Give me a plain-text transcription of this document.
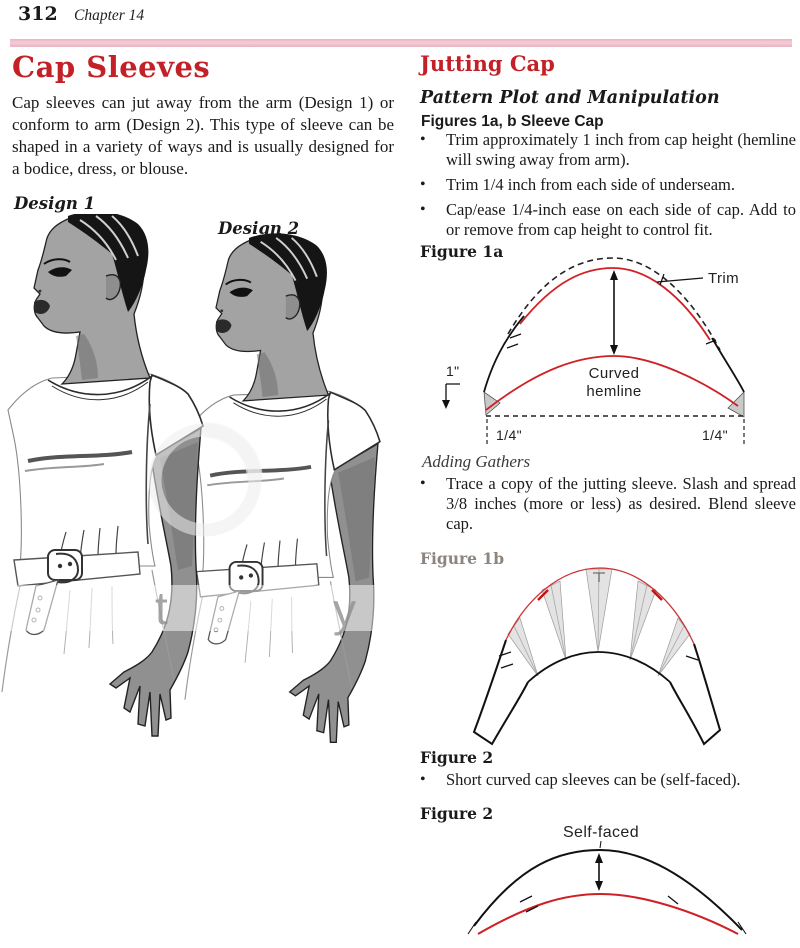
312 Chapter 14
Cap Sleeves
Cap sleeves can jut away from the arm (Design 1) or conform to arm (Design 2). This type of sleeve can be shaped in a variety of ways and is usually designed for a bodice, dress, or blouse.
Design 1
Design 2
t	y
Jutting Cap
Pattern Plot and Manipulation
Figures 1a, b Sleeve Cap
•	Trim approximately 1 inch from cap height (hemline will swing away from arm).
•	Trim 1/4 inch from each side of underseam.
•	Cap/ease 1/4-inch ease on each side of cap. Add to or remove from cap height to control fit.
Figure 1a
Trim
Curved
hemline
1"
1/4"	1/4"
Adding Gathers
•	Trace a copy of the jutting sleeve. Slash and spread 3/8 inches (more or less) as desired. Blend sleeve cap.
Figure 1b
Figure 2
•	Short curved cap sleeves can be (self-faced).
Figure 2
Self-faced
